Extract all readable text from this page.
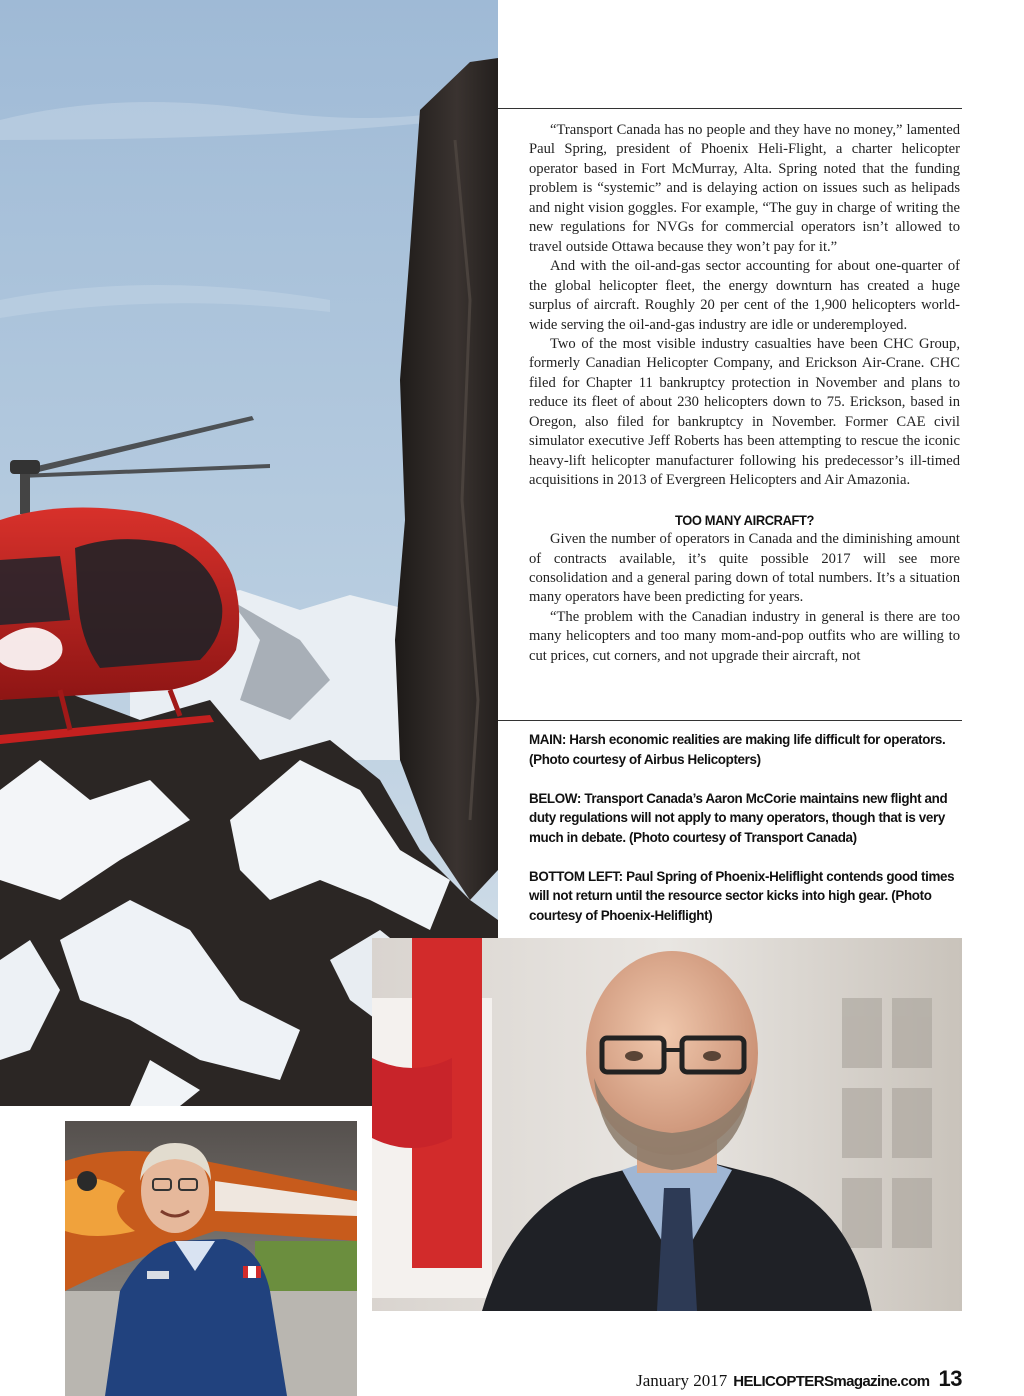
“Transport Canada has no people and they have no money,” lamented Paul Spring, president of Phoenix Heli-Flight, a charter helicopter operator based in Fort McMurray, Alta. Spring noted that the funding problem is “systemic” and is delaying action on issues such as helipads and night vision goggles. For example, “The guy in charge of writing the new regulations for NVGs for commercial operators isn’t allowed to travel outside Ottawa because they won’t pay for it.”

And with the oil-and-gas sector accounting for about one-quarter of the global helicopter fleet, the energy downturn has created a huge surplus of aircraft. Roughly 20 per cent of the 1,900 helicopters world-wide serving the oil-and-gas industry are idle or underemployed.

Two of the most visible industry casualties have been CHC Group, formerly Canadian Helicopter Company, and Erickson Air-Crane. CHC filed for Chapter 11 bankruptcy protection in November and plans to reduce its fleet of about 230 helicopters down to 75. Erickson, based in Oregon, also filed for bankruptcy in November. Former CAE civil simulator executive Jeff Roberts has been attempting to rescue the iconic heavy-lift helicopter manufacturer following his predecessor’s ill-timed acquisitions in 2013 of Evergreen Helicopters and Air Amazonia.

TOO MANY AIRCRAFT?

Given the number of operators in Canada and the diminishing amount of contracts available, it’s quite possible 2017 will see more consolidation and a general paring down of total numbers. It’s a situation many operators have been predicting for years.

“The problem with the Canadian industry in general is there are too many helicopters and too many mom-and-pop outfits who are willing to cut prices, cut corners, and not upgrade their aircraft, not

MAIN: Harsh economic realities are making life difficult for operators. (Photo courtesy of Airbus Helicopters)

BELOW: Transport Canada’s Aaron McCorie maintains new flight and duty regulations will not apply to many operators, though that is very much in debate. (Photo courtesy of Transport Canada)

BOTTOM LEFT: Paul Spring of Phoenix-Heliflight contends good times will not return until the resource sector kicks into high gear. (Photo courtesy of Phoenix-Heliflight)

January 2017 HELICOPTERSmagazine.com 13
